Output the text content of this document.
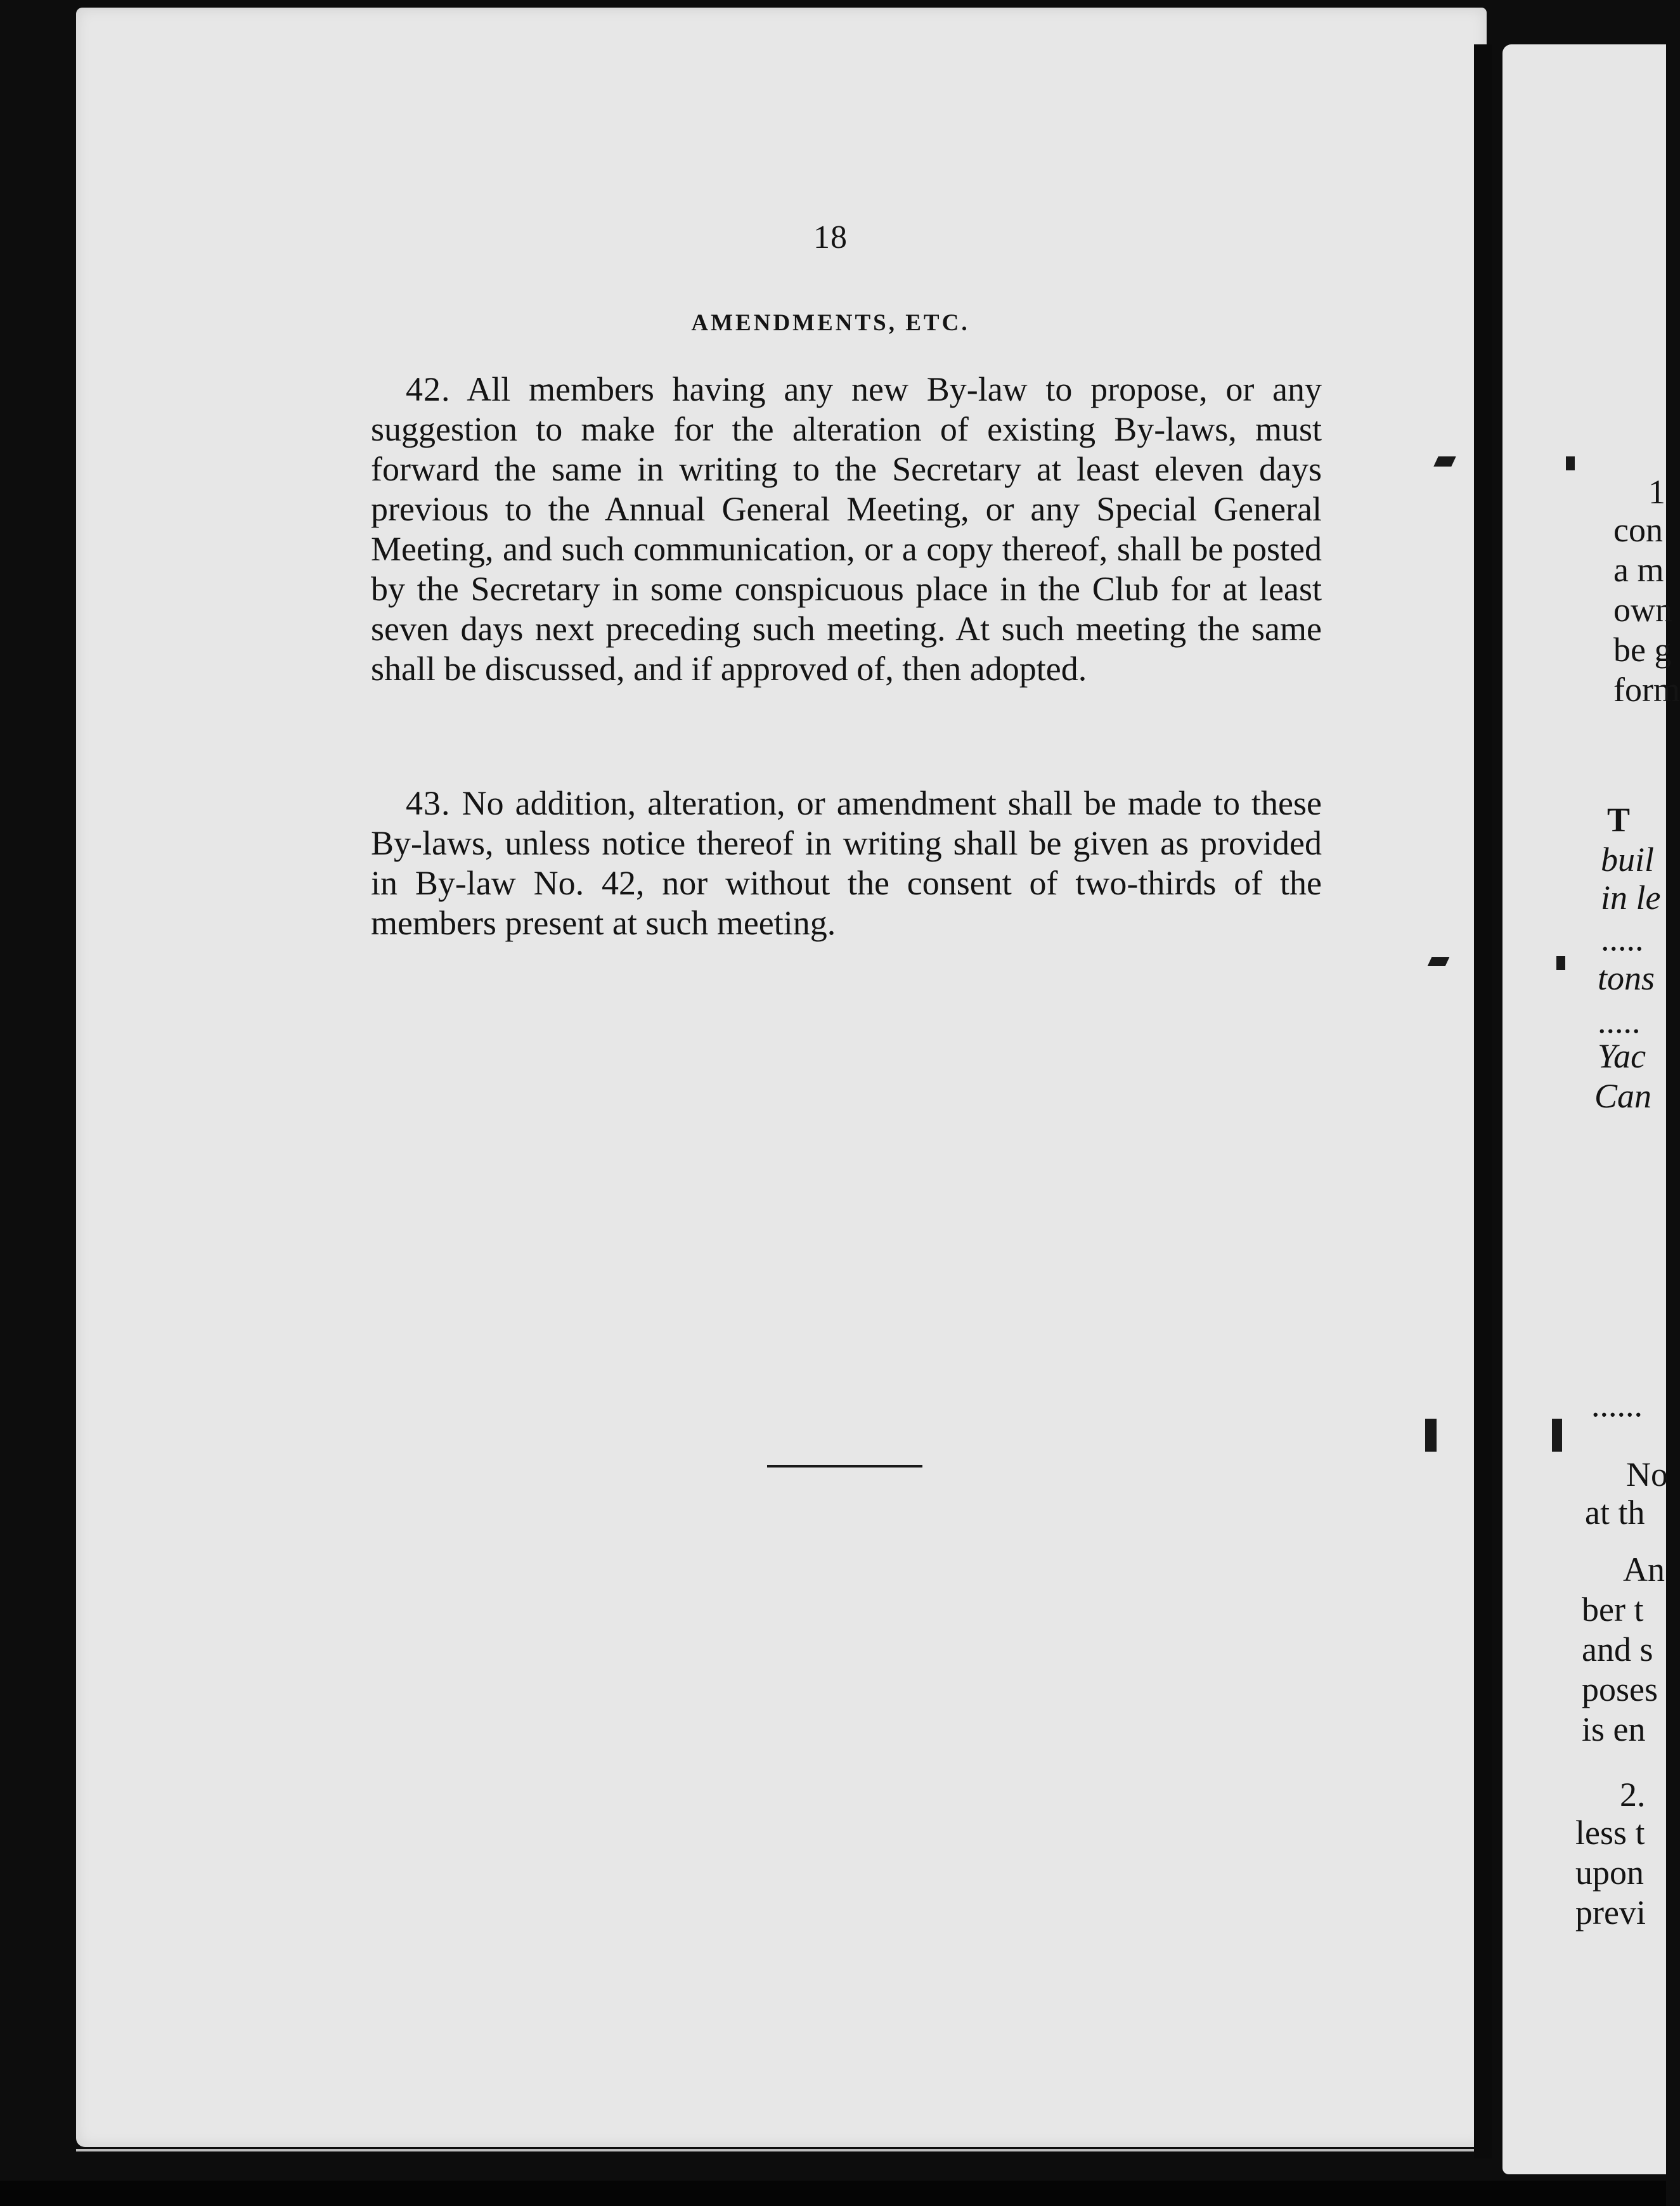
18
AMENDMENTS, ETC.

42. All members having any new By-law to propose, or any suggestion to make for the alteration of existing By-laws, must forward the same in writing to the Secretary at least eleven days previous to the Annual General Meeting, or any Special General Meeting, and such communication, or a copy thereof, shall be posted by the Secretary in some conspicuous place in the Club for at least seven days next preceding such meeting. At such meeting the same shall be discussed, and if approved of, then adopted.

43. No addition, alteration, or amendment shall be made to these By-laws, unless notice thereof in writing shall be given as provided in By-law No. 42, nor without the consent of two-thirds of the members present at such meeting.

1
con
a m
own
be g
form
T
buil
in le
.....
tons
.....
Yac
Can
......
No
at th
An
ber t
and s
poses
is en
2.
less t
upon
previ
